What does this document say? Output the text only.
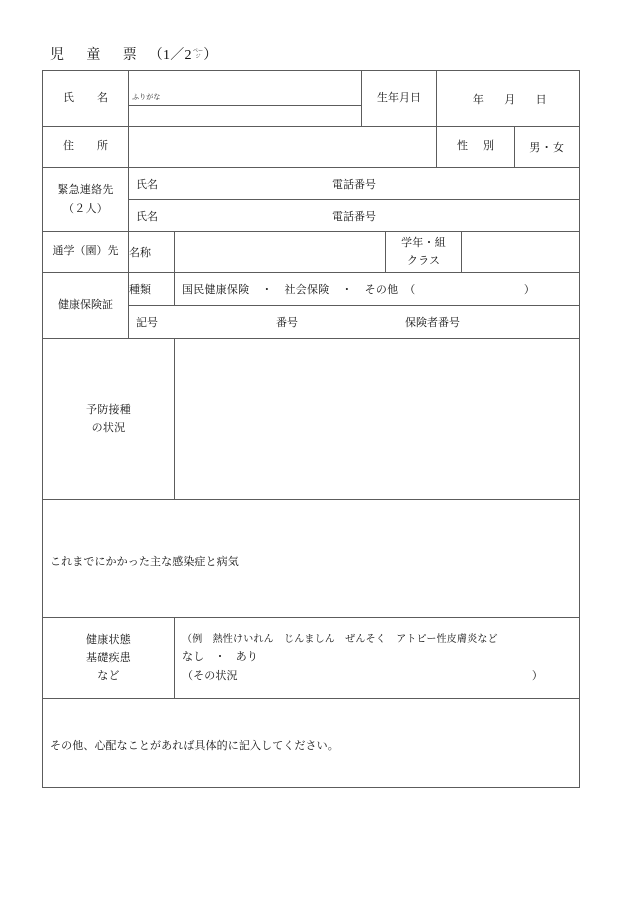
児　童　票 （1／2 ペー
ジ ）
氏　名	ふりがな		生年月日		年 月 日		

住　所					性　別		男・女

緊急連絡先
（２人）

氏名	電話番号

	氏名 電話番号						

通学（園）先	名称			学年・組
クラス			

健康保険証	種類	国民健康保険 ・ 社会保険 ・ その他 （ ）					

	記号 番号 保険者番号						

予防接種
の状況							

これまでにかかった主な感染症と病気							

健康状態
基礎疾患
など

（例　熱性けいれん　じんましん　ぜんそく　アトピー性皮膚炎など
なし ・ あり
（その状況	）

その他、心配なことがあれば具体的に記入してください。							
